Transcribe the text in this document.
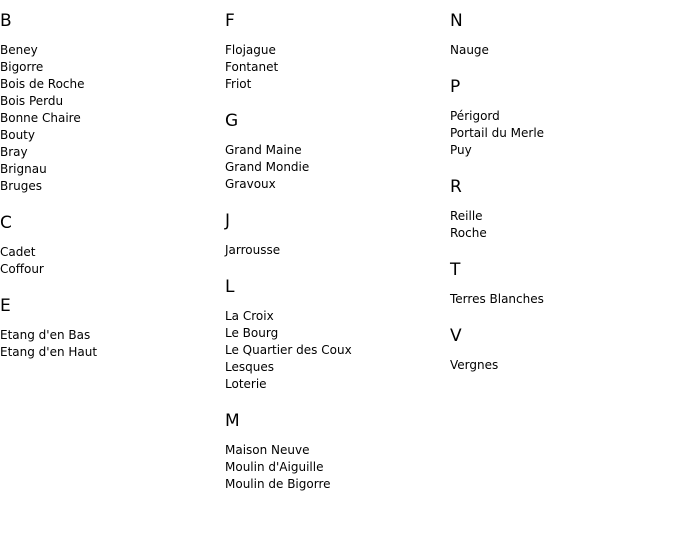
B
Beney
Bigorre
Bois de Roche
Bois Perdu
Bonne Chaire
Bouty
Bray
Brignau
Bruges
C
Cadet
Coffour
E
Etang d'en Bas
Etang d'en Haut
F
Flojague
Fontanet
Friot
G
Grand Maine
Grand Mondie
Gravoux
J
Jarrousse
L
La Croix
Le Bourg
Le Quartier des Coux
Lesques
Loterie
M
Maison Neuve
Moulin d'Aiguille
Moulin de Bigorre
N
Nauge
P
Périgord
Portail du Merle
Puy
R
Reille
Roche
T
Terres Blanches
V
Vergnes
